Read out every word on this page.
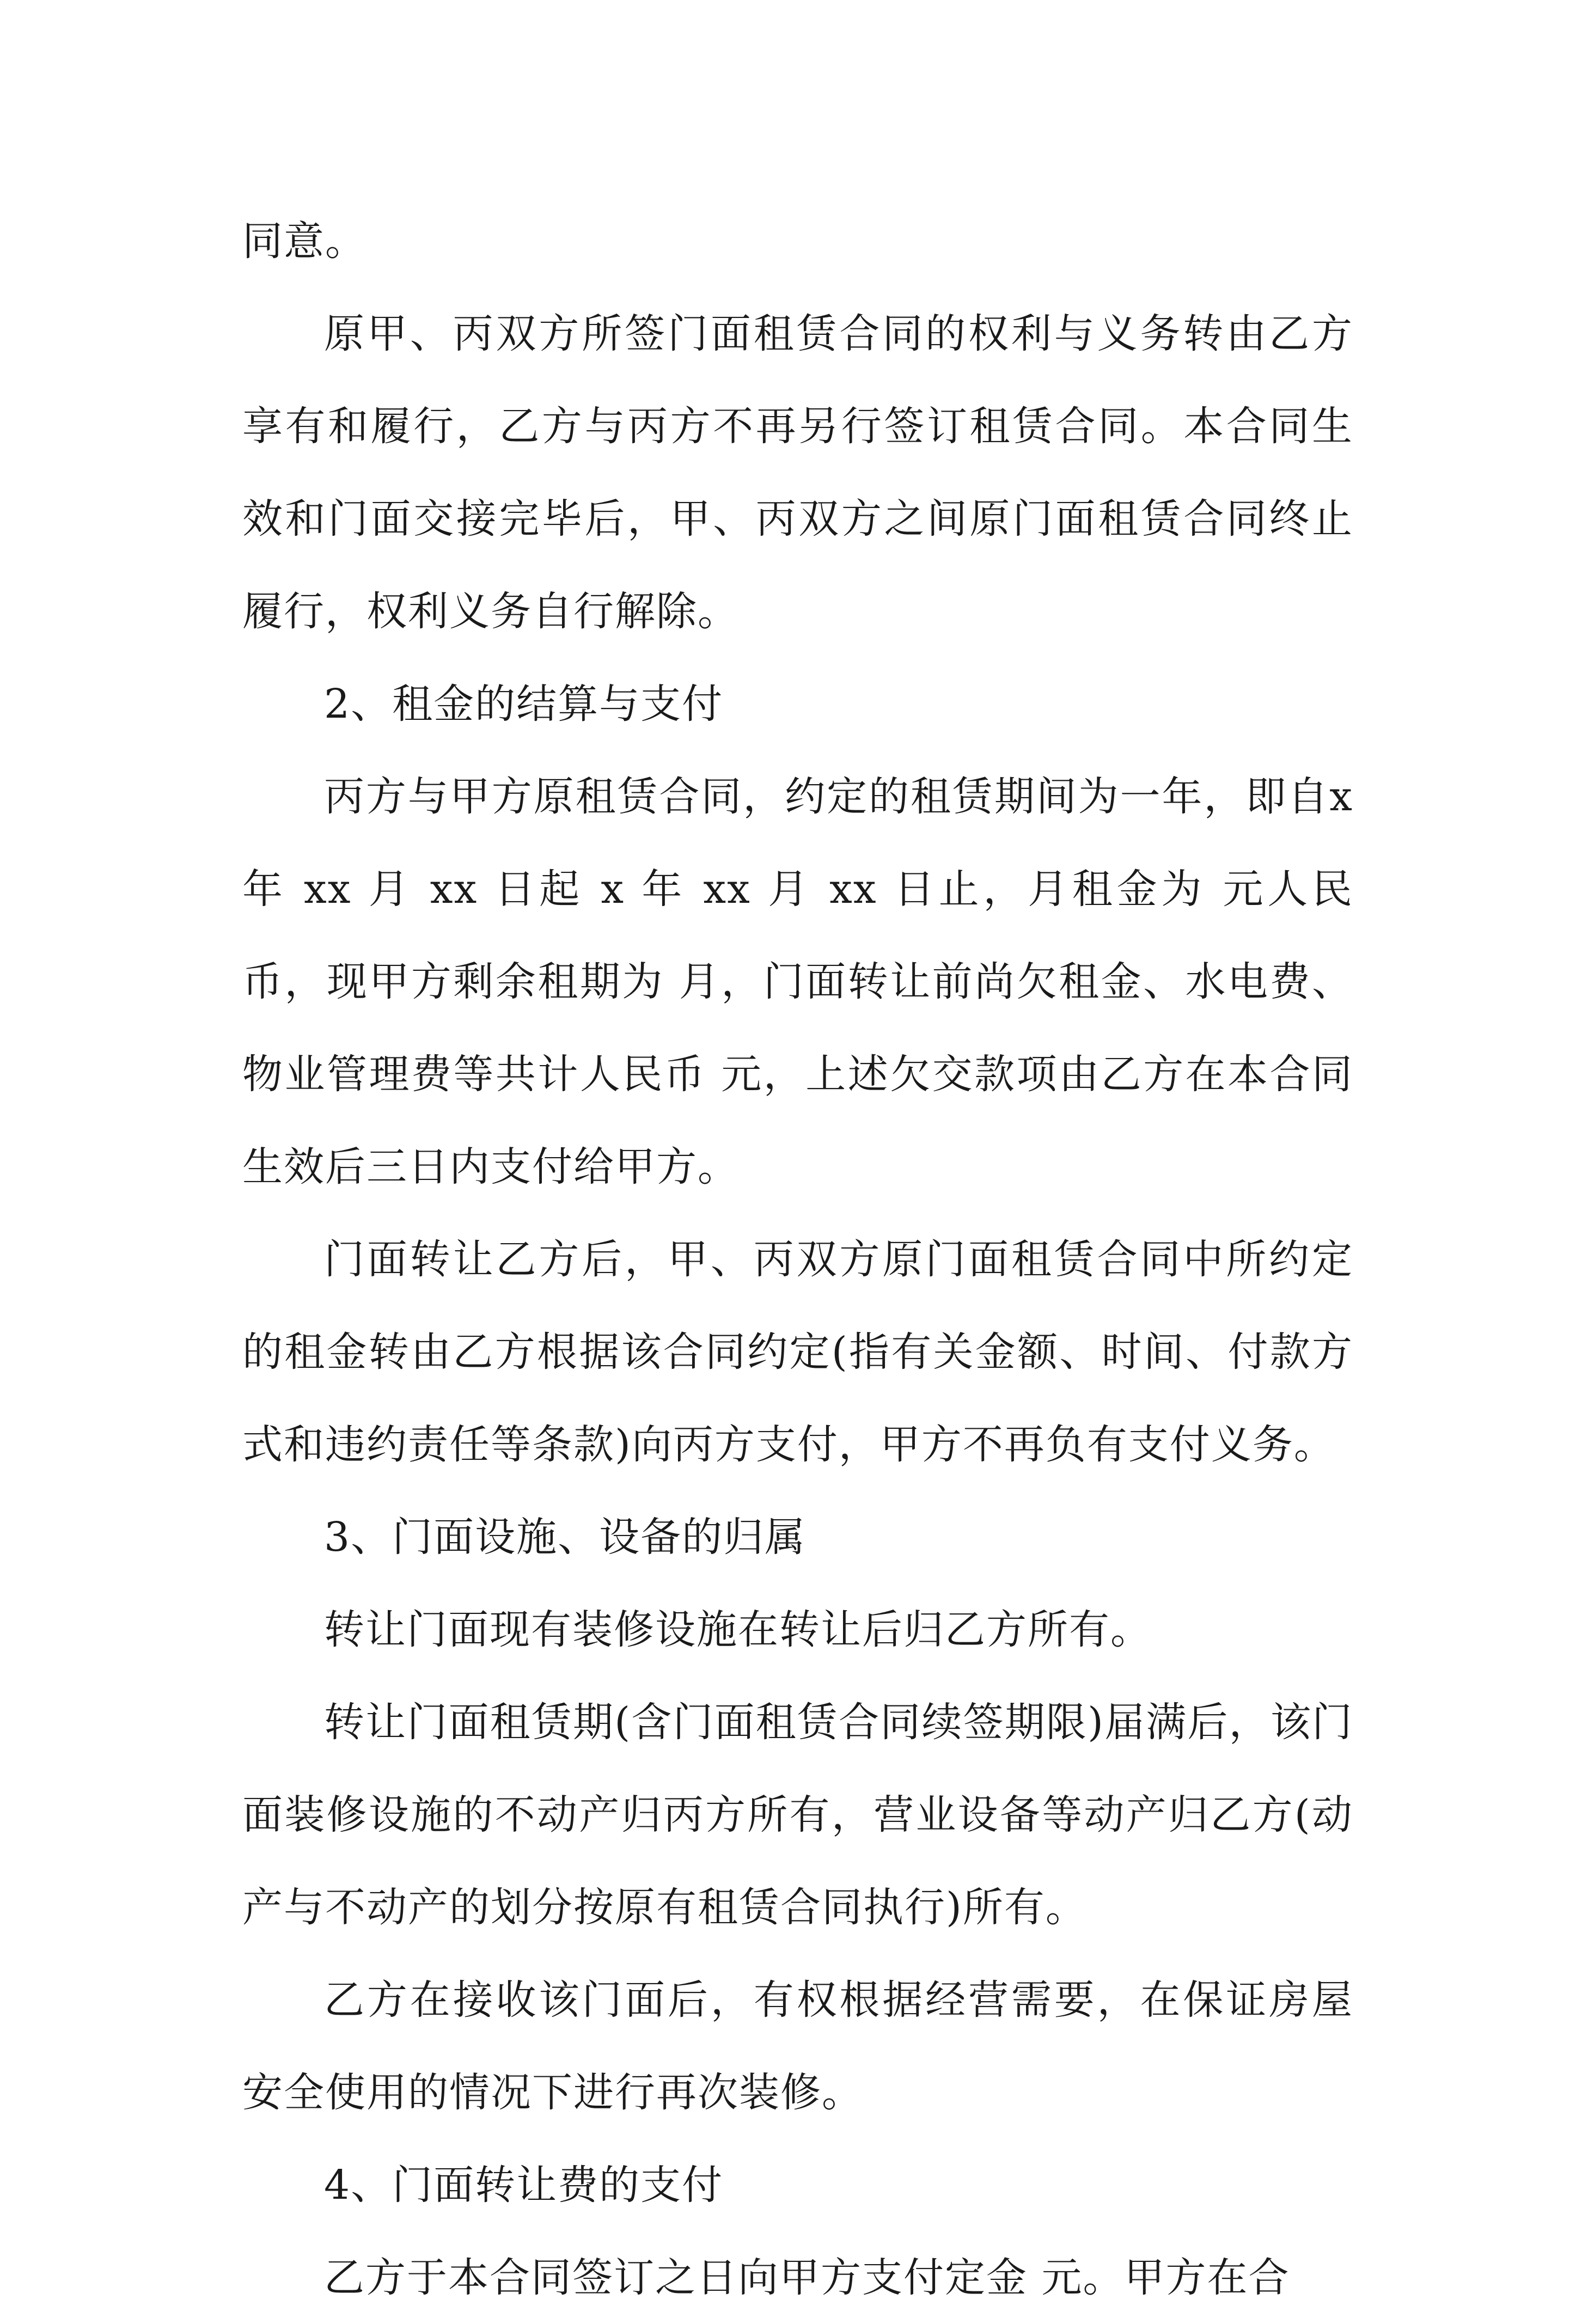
同意。

原甲、丙双方所签门面租赁合同的权利与义务转由乙方享有和履行，乙方与丙方不再另行签订租赁合同。本合同生效和门面交接完毕后，甲、丙双方之间原门面租赁合同终止履行，权利义务自行解除。

2、租金的结算与支付

丙方与甲方原租赁合同，约定的租赁期间为一年，即自x 年 xx 月 xx 日起 x 年 xx 月 xx 日止，月租金为 元人民币，现甲方剩余租期为 月，门面转让前尚欠租金、水电费、物业管理费等共计人民币 元，上述欠交款项由乙方在本合同生效后三日内支付给甲方。

门面转让乙方后，甲、丙双方原门面租赁合同中所约定的租金转由乙方根据该合同约定(指有关金额、时间、付款方式和违约责任等条款)向丙方支付，甲方不再负有支付义务。

3、门面设施、设备的归属

转让门面现有装修设施在转让后归乙方所有。

转让门面租赁期(含门面租赁合同续签期限)届满后，该门面装修设施的不动产归丙方所有，营业设备等动产归乙方(动产与不动产的划分按原有租赁合同执行)所有。

乙方在接收该门面后，有权根据经营需要，在保证房屋安全使用的情况下进行再次装修。

4、门面转让费的支付

乙方于本合同签订之日向甲方支付定金 元。甲方在合
